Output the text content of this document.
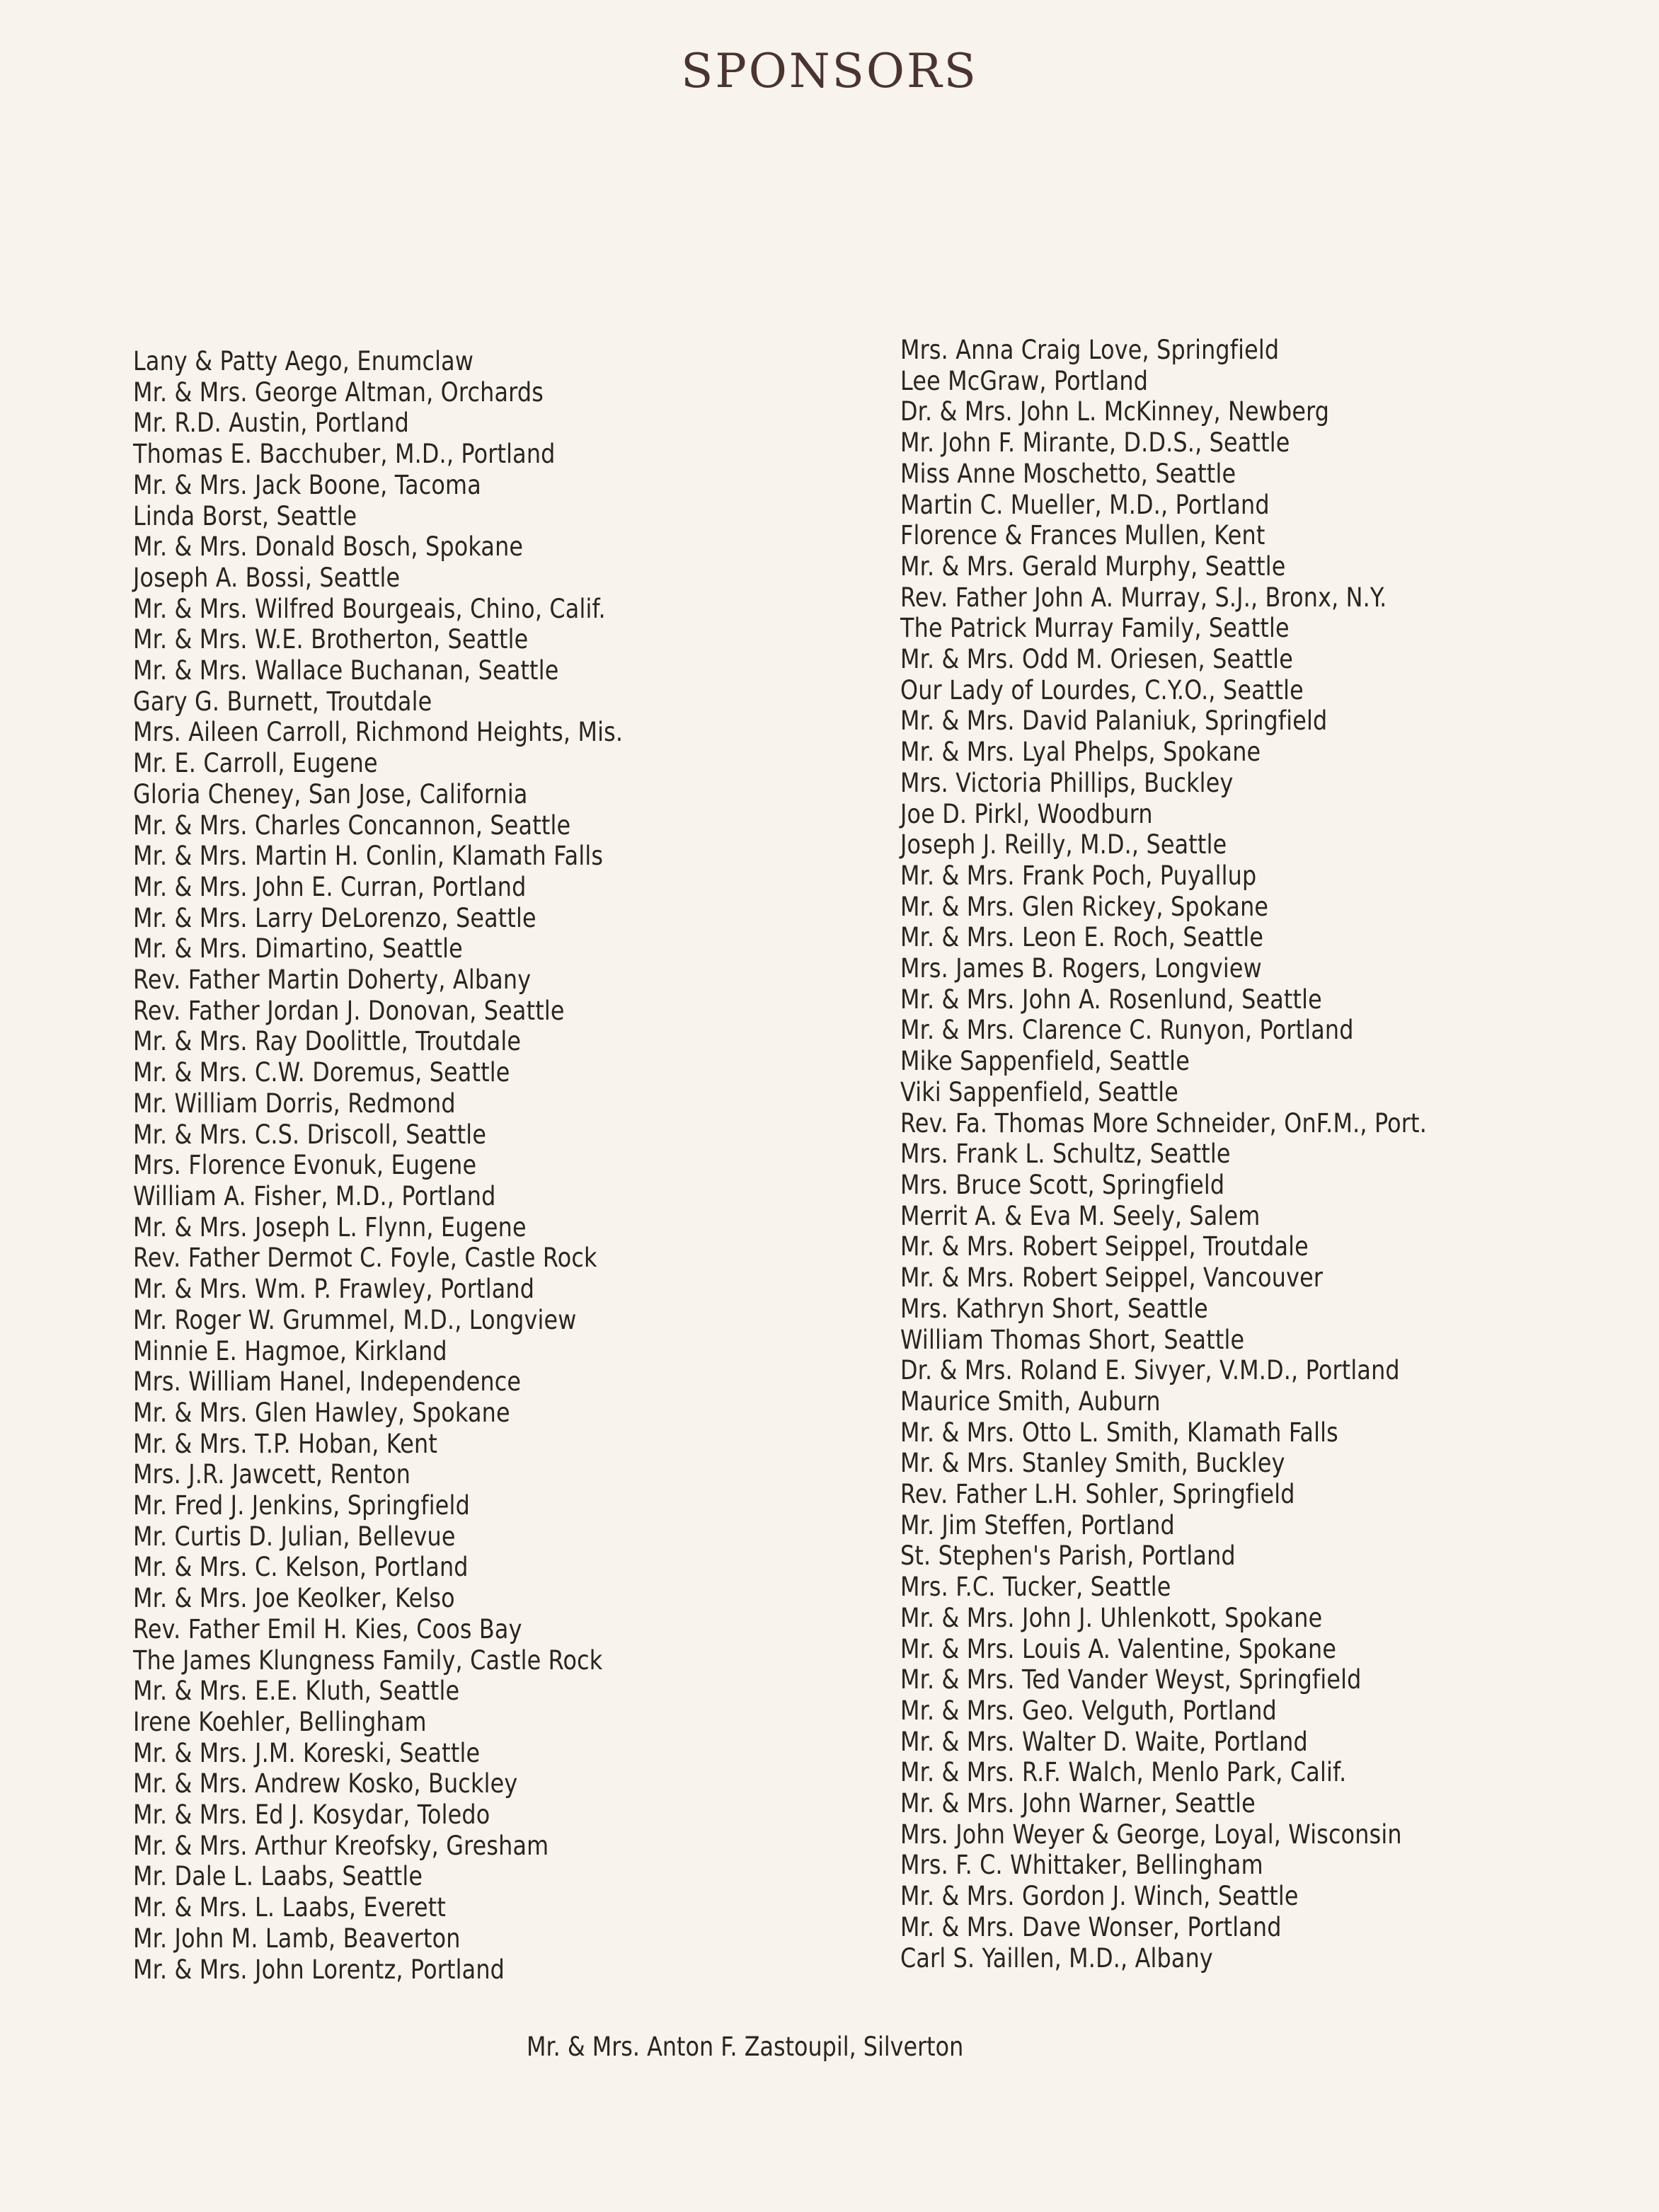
SPONSORS
Lany & Patty Aego, Enumclaw
Mr. & Mrs. George Altman, Orchards
Mr. R.D. Austin, Portland
Thomas E. Bacchuber, M.D., Portland
Mr. & Mrs. Jack Boone, Tacoma
Linda Borst, Seattle
Mr. & Mrs. Donald Bosch, Spokane
Joseph A. Bossi, Seattle
Mr. & Mrs. Wilfred Bourgeais, Chino, Calif.
Mr. & Mrs. W.E. Brotherton, Seattle
Mr. & Mrs. Wallace Buchanan, Seattle
Gary G. Burnett, Troutdale
Mrs. Aileen Carroll, Richmond Heights, Mis.
Mr. E. Carroll, Eugene
Gloria Cheney, San Jose, California
Mr. & Mrs. Charles Concannon, Seattle
Mr. & Mrs. Martin H. Conlin, Klamath Falls
Mr. & Mrs. John E. Curran, Portland
Mr. & Mrs. Larry DeLorenzo, Seattle
Mr. & Mrs. Dimartino, Seattle
Rev. Father Martin Doherty, Albany
Rev. Father Jordan J. Donovan, Seattle
Mr. & Mrs. Ray Doolittle, Troutdale
Mr. & Mrs. C.W. Doremus, Seattle
Mr. William Dorris, Redmond
Mr. & Mrs. C.S. Driscoll, Seattle
Mrs. Florence Evonuk, Eugene
William A. Fisher, M.D., Portland
Mr. & Mrs. Joseph L. Flynn, Eugene
Rev. Father Dermot C. Foyle, Castle Rock
Mr. & Mrs. Wm. P. Frawley, Portland
Mr. Roger W. Grummel, M.D., Longview
Minnie E. Hagmoe, Kirkland
Mrs. William Hanel, Independence
Mr. & Mrs. Glen Hawley, Spokane
Mr. & Mrs. T.P. Hoban, Kent
Mrs. J.R. Jawcett, Renton
Mr. Fred J. Jenkins, Springfield
Mr. Curtis D. Julian, Bellevue
Mr. & Mrs. C. Kelson, Portland
Mr. & Mrs. Joe Keolker, Kelso
Rev. Father Emil H. Kies, Coos Bay
The James Klungness Family, Castle Rock
Mr. & Mrs. E.E. Kluth, Seattle
Irene Koehler, Bellingham
Mr. & Mrs. J.M. Koreski, Seattle
Mr. & Mrs. Andrew Kosko, Buckley
Mr. & Mrs. Ed J. Kosydar, Toledo
Mr. & Mrs. Arthur Kreofsky, Gresham
Mr. Dale L. Laabs, Seattle
Mr. & Mrs. L. Laabs, Everett
Mr. John M. Lamb, Beaverton
Mr. & Mrs. John Lorentz, Portland
Mrs. Anna Craig Love, Springfield
Lee McGraw, Portland
Dr. & Mrs. John L. McKinney, Newberg
Mr. John F. Mirante, D.D.S., Seattle
Miss Anne Moschetto, Seattle
Martin C. Mueller, M.D., Portland
Florence & Frances Mullen, Kent
Mr. & Mrs. Gerald Murphy, Seattle
Rev. Father John A. Murray, S.J., Bronx, N.Y.
The Patrick Murray Family, Seattle
Mr. & Mrs. Odd M. Oriesen, Seattle
Our Lady of Lourdes, C.Y.O., Seattle
Mr. & Mrs. David Palaniuk, Springfield
Mr. & Mrs. Lyal Phelps, Spokane
Mrs. Victoria Phillips, Buckley
Joe D. Pirkl, Woodburn
Joseph J. Reilly, M.D., Seattle
Mr. & Mrs. Frank Poch, Puyallup
Mr. & Mrs. Glen Rickey, Spokane
Mr. & Mrs. Leon E. Roch, Seattle
Mrs. James B. Rogers, Longview
Mr. & Mrs. John A. Rosenlund, Seattle
Mr. & Mrs. Clarence C. Runyon, Portland
Mike Sappenfield, Seattle
Viki Sappenfield, Seattle
Rev. Fa. Thomas More Schneider, OnF.M., Port.
Mrs. Frank L. Schultz, Seattle
Mrs. Bruce Scott, Springfield
Merrit A. & Eva M. Seely, Salem
Mr. & Mrs. Robert Seippel, Troutdale
Mr. & Mrs. Robert Seippel, Vancouver
Mrs. Kathryn Short, Seattle
William Thomas Short, Seattle
Dr. & Mrs. Roland E. Sivyer, V.M.D., Portland
Maurice Smith, Auburn
Mr. & Mrs. Otto L. Smith, Klamath Falls
Mr. & Mrs. Stanley Smith, Buckley
Rev. Father L.H. Sohler, Springfield
Mr. Jim Steffen, Portland
St. Stephen's Parish, Portland
Mrs. F.C. Tucker, Seattle
Mr. & Mrs. John J. Uhlenkott, Spokane
Mr. & Mrs. Louis A. Valentine, Spokane
Mr. & Mrs. Ted Vander Weyst, Springfield
Mr. & Mrs. Geo. Velguth, Portland
Mr. & Mrs. Walter D. Waite, Portland
Mr. & Mrs. R.F. Walch, Menlo Park, Calif.
Mr. & Mrs. John Warner, Seattle
Mrs. John Weyer & George, Loyal, Wisconsin
Mrs. F. C. Whittaker, Bellingham
Mr. & Mrs. Gordon J. Winch, Seattle
Mr. & Mrs. Dave Wonser, Portland
Carl S. Yaillen, M.D., Albany
Mr. & Mrs. Anton F. Zastoupil, Silverton
